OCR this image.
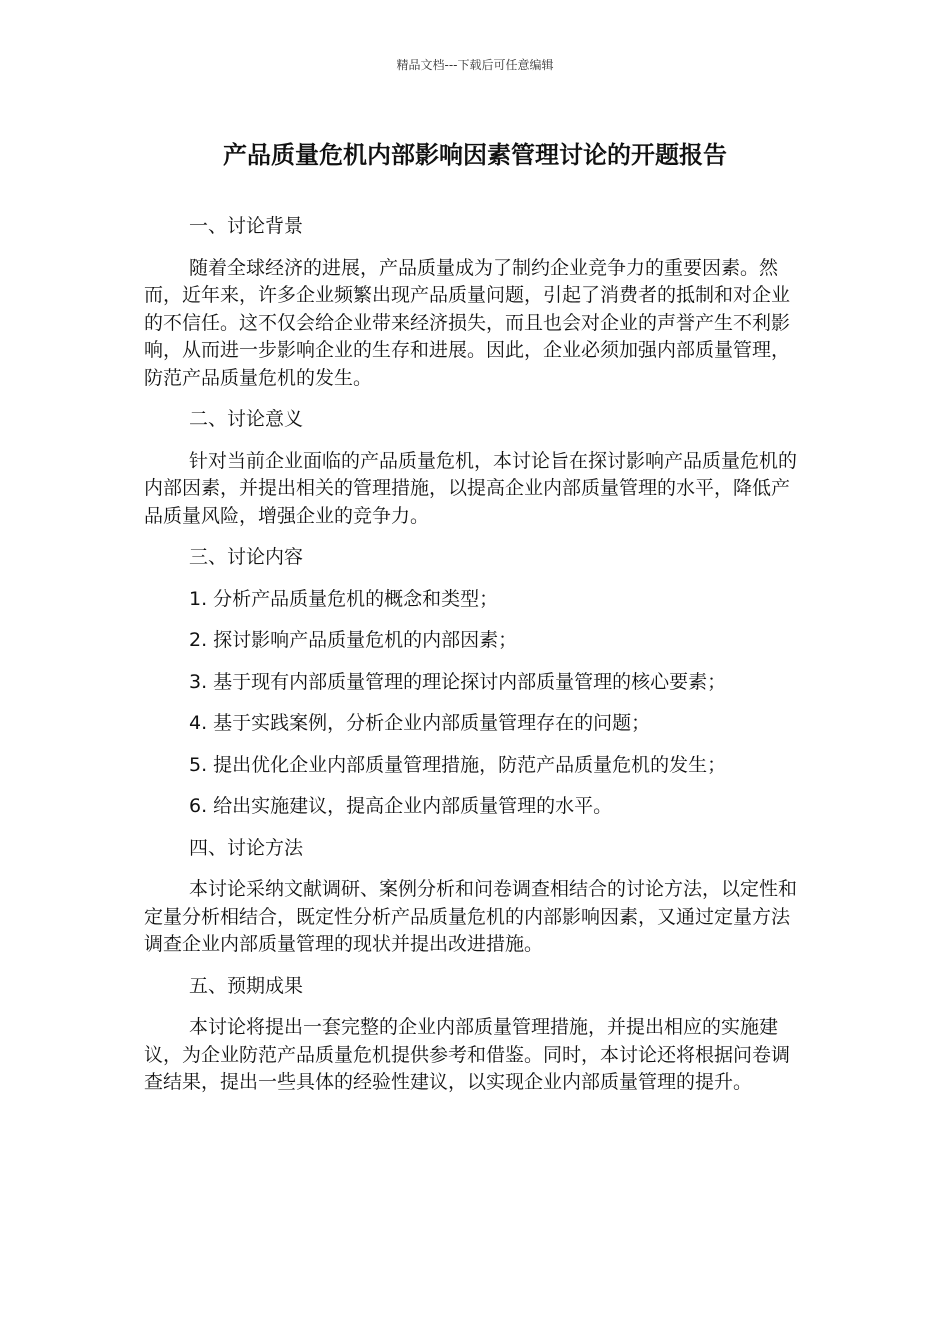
精品文档---下载后可任意编辑
产品质量危机内部影响因素管理讨论的开题报告

一、讨论背景

随着全球经济的进展，产品质量成为了制约企业竞争力的重要因素。然而，近年来，许多企业频繁出现产品质量问题，引起了消费者的抵制和对企业的不信任。这不仅会给企业带来经济损失，而且也会对企业的声誉产生不利影响，从而进一步影响企业的生存和进展。因此，企业必须加强内部质量管理，防范产品质量危机的发生。

二、讨论意义

针对当前企业面临的产品质量危机，本讨论旨在探讨影响产品质量危机的内部因素，并提出相关的管理措施，以提高企业内部质量管理的水平，降低产品质量风险，增强企业的竞争力。

三、讨论内容

1. 分析产品质量危机的概念和类型；

2. 探讨影响产品质量危机的内部因素；

3. 基于现有内部质量管理的理论探讨内部质量管理的核心要素；

4. 基于实践案例，分析企业内部质量管理存在的问题；

5. 提出优化企业内部质量管理措施，防范产品质量危机的发生；

6. 给出实施建议，提高企业内部质量管理的水平。

四、讨论方法

本讨论采纳文献调研、案例分析和问卷调查相结合的讨论方法，以定性和定量分析相结合，既定性分析产品质量危机的内部影响因素，又通过定量方法调查企业内部质量管理的现状并提出改进措施。

五、预期成果

本讨论将提出一套完整的企业内部质量管理措施，并提出相应的实施建议，为企业防范产品质量危机提供参考和借鉴。同时，本讨论还将根据问卷调查结果，提出一些具体的经验性建议，以实现企业内部质量管理的提升。
